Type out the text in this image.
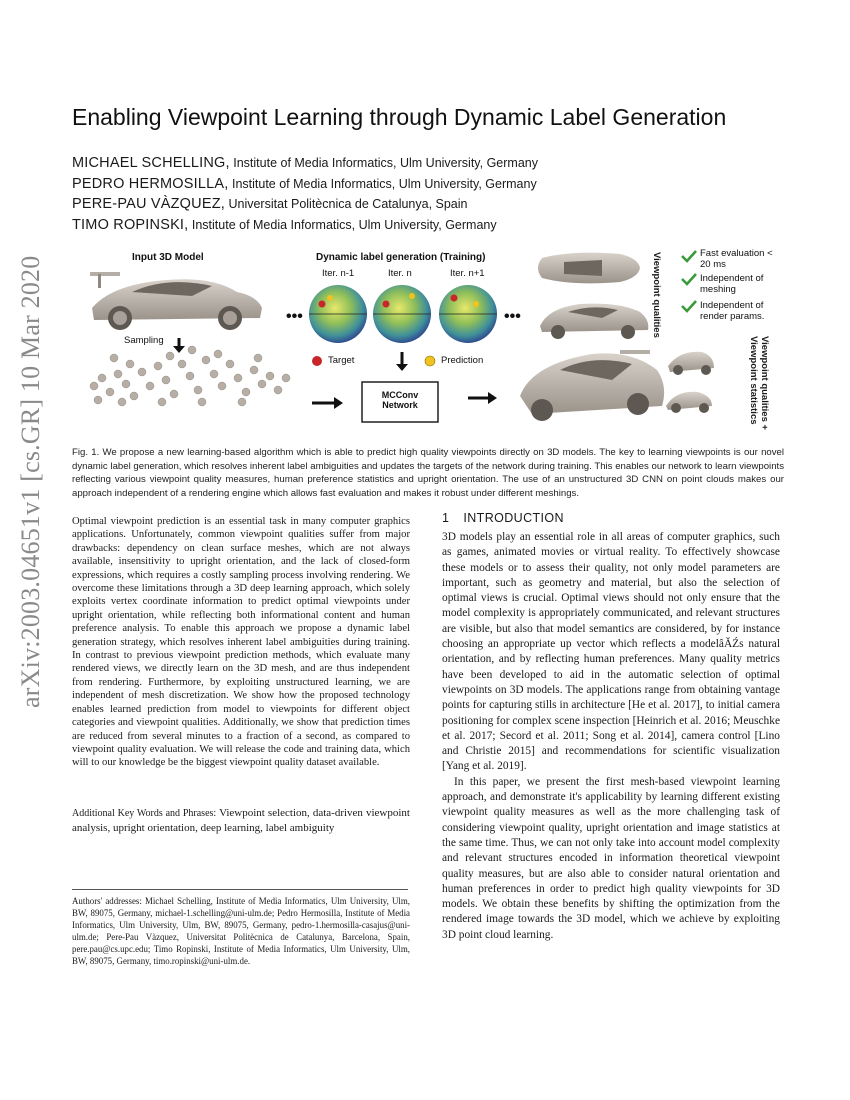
arXiv:2003.04651v1 [cs.GR] 10 Mar 2020
Enabling Viewpoint Learning through Dynamic Label Generation
MICHAEL SCHELLING, Institute of Media Informatics, Ulm University, Germany
PEDRO HERMOSILLA, Institute of Media Informatics, Ulm University, Germany
PERE-PAU VÀZQUEZ, Universitat Politècnica de Catalunya, Spain
TIMO ROPINSKI, Institute of Media Informatics, Ulm University, Germany
•••	•••
Input 3D Model	Dynamic label generation (Training)
Iter. n-1	Iter. n	Iter. n+1
Sampling
Target	Prediction
MCConv
Network
Fast evaluation < 20 ms
Independent of meshing
Independent of render params.
Viewpoint qualities
Viewpoint qualities + Viewpoint statistics
Fig. 1. We propose a new learning-based algorithm which is able to predict high quality viewpoints directly on 3D models. The key to learning viewpoints is our novel dynamic label generation, which resolves inherent label ambiguities and updates the targets of the network during training. This enables our network to learn viewpoints reflecting various viewpoint quality measures, human preference statistics and upright orientation. The use of an unstructured 3D CNN on point clouds makes our approach independent of a rendering engine which allows fast evaluation and makes it robust under different meshings.
Optimal viewpoint prediction is an essential task in many computer graphics applications. Unfortunately, common viewpoint qualities suffer from major drawbacks: dependency on clean surface meshes, which are not always available, insensitivity to upright orientation, and the lack of closed-form expressions, which requires a costly sampling process involving rendering. We overcome these limitations through a 3D deep learning approach, which solely exploits vertex coordinate information to predict optimal viewpoints under upright orientation, while reflecting both informational content and human preference analysis. To enable this approach we propose a dynamic label generation strategy, which resolves inherent label ambiguities during training. In contrast to previous viewpoint prediction methods, which evaluate many rendered views, we directly learn on the 3D mesh, and are thus independent from rendering. Furthermore, by exploiting unstructured learning, we are independent of mesh discretization. We show how the proposed technology enables learned prediction from model to viewpoints for different object categories and viewpoint qualities. Additionally, we show that prediction times are reduced from several minutes to a fraction of a second, as compared to viewpoint quality evaluation. We will release the code and training data, which will to our knowledge be the biggest viewpoint quality dataset available.
Additional Key Words and Phrases: Viewpoint selection, data-driven viewpoint analysis, upright orientation, deep learning, label ambiguity
Authors' addresses: Michael Schelling, Institute of Media Informatics, Ulm University, Ulm, BW, 89075, Germany, michael-1.schelling@uni-ulm.de; Pedro Hermosilla, Institute of Media Informatics, Ulm University, Ulm, BW, 89075, Germany, pedro-1.hermosilla-casajus@uni-ulm.de; Pere-Pau Vàzquez, Universitat Politècnica de Catalunya, Barcelona, Spain, pere.pau@cs.upc.edu; Timo Ropinski, Institute of Media Informatics, Ulm University, Ulm, BW, 89075, Germany, timo.ropinski@uni-ulm.de.
1 INTRODUCTION

3D models play an essential role in all areas of computer graphics, such as games, animated movies or virtual reality. To effectively showcase these models or to assess their quality, not only model parameters are important, such as geometry and material, but also the selection of optimal views is crucial. Optimal views should not only ensure that the model complexity is appropriately communicated, and relevant structures are visible, but also that model semantics are considered, by for instance choosing an appropriate up vector which reflects a modelâĂŹs natural orientation, and by reflecting human preferences. Many quality metrics have been developed to aid in the automatic selection of optimal viewpoints on 3D models. The applications range from obtaining vantage points for capturing stills in architecture [He et al. 2017], to initial camera positioning for complex scene inspection [Heinrich et al. 2016; Meuschke et al. 2017; Secord et al. 2011; Song et al. 2014], camera control [Lino and Christie 2015] and recommendations for scientific visualization [Yang et al. 2019].

In this paper, we present the first mesh-based viewpoint learning approach, and demonstrate it's applicability by learning different existing viewpoint quality measures as well as the more challenging task of considering viewpoint quality, upright orientation and image statistics at the same time. Thus, we can not only take into account model complexity and relevant structures encoded in information theoretical viewpoint quality measures, but are also able to consider natural orientation and human preferences in order to predict high quality viewpoints for 3D models. We obtain these benefits by shifting the optimization from the rendered image towards the 3D model, which we achieve by exploiting 3D point cloud learning.
